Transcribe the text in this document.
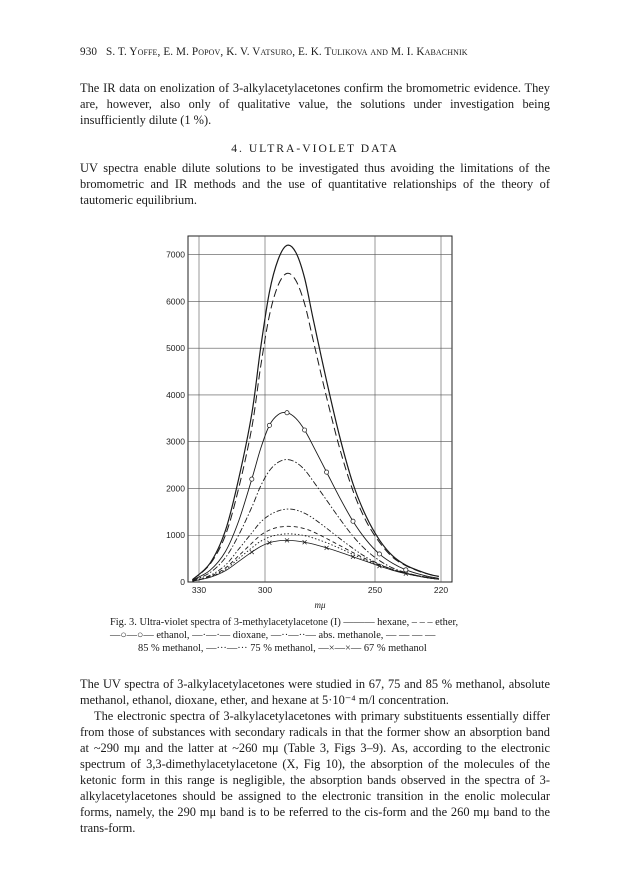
930 S. T. Yoffe, E. M. Popov, K. V. Vatsuro, E. K. Tulikova and M. I. Kabachnik
The IR data on enolization of 3-alkylacetylacetones confirm the bromometric evidence. They are, however, also only of qualitative value, the solutions under investigation being insufficiently dilute (1 %).
4. ULTRA-VIOLET DATA
UV spectra enable dilute solutions to be investigated thus avoiding the limitations of the bromometric and IR methods and the use of quantitative relationships of the theory of tautomeric equilibrium.
0
1000
2000
3000
4000
5000
6000
7000
330	300	250	220
mμ
Fig. 3. Ultra-violet spectra of 3-methylacetylacetone (I) ——— hexane, – – – ether,
—○—○— ethanol, —·—·— dioxane, —··—··— abs. methanole, — — — —
85 % methanol, —···—··· 75 % methanol, —×—×— 67 % methanol
The UV spectra of 3-alkylacetylacetones were studied in 67, 75 and 85 % methanol, absolute methanol, ethanol, dioxane, ether, and hexane at 5·10⁻⁴ m/l concentration.
The electronic spectra of 3-alkylacetylacetones with primary substituents essentially differ from those of substances with secondary radicals in that the former show an absorption band at ~290 mμ and the latter at ~260 mμ (Table 3, Figs 3–9). As, according to the electronic spectrum of 3,3-dimethylacetylacetone (X, Fig 10), the absorption of the molecules of the ketonic form in this range is negligible, the absorption bands observed in the spectra of 3-alkylacetylacetones should be assigned to the electronic transition in the enolic molecular forms, namely, the 290 mμ band is to be referred to the cis-form and the 260 mμ band to the trans-form.
